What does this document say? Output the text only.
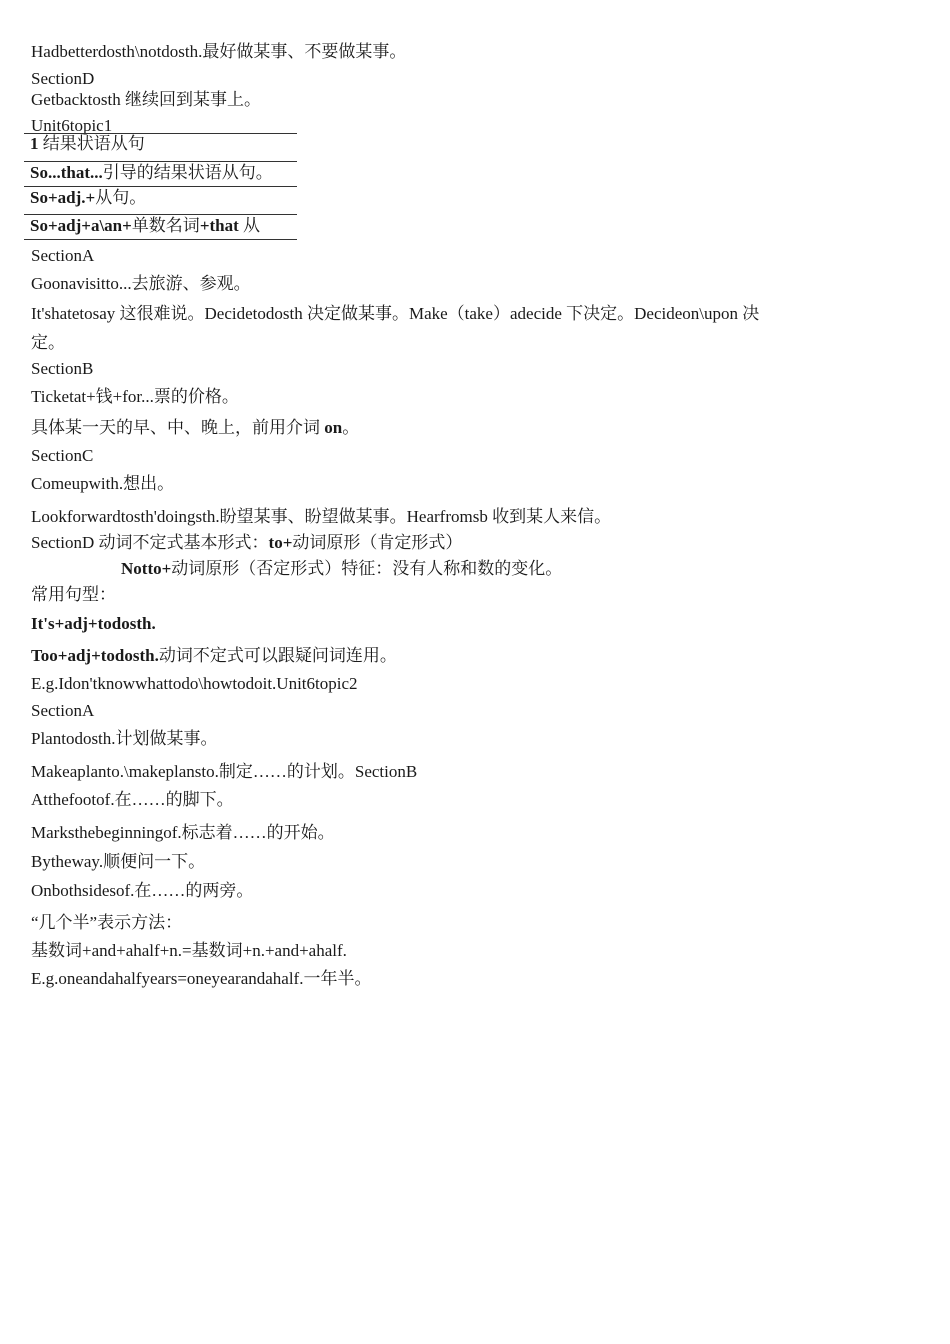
Hadbetterdosth\notdosth.最好做某事、不要做某事。
SectionD
Getbacktosth 继续回到某事上。
Unit6topic1
1 结果状语从句
So...that...引导的结果状语从句。
So+adj.+从句。
So+adj+a\an+单数名词+that 从
SectionA
Goonavisitto...去旅游、参观。
It'shatetosay 这很难说。Decidetodosth 决定做某事。Make（take）adecide 下决定。Decideon\upon 决
定。
SectionB
Ticketat+钱+for...票的价格。
具体某一天的早、中、晚上，前用介词 on。
SectionC
Comeupwith.想出。
Lookforwardtosth'doingsth.盼望某事、盼望做某事。Hearfromsb 收到某人来信。
SectionD 动词不定式基本形式：to+动词原形（肯定形式）
Notto+动词原形（否定形式）特征：没有人称和数的变化。
常用句型：
It's+adj+todosth.
Too+adj+todosth.动词不定式可以跟疑问词连用。
E.g.Idon'tknowwhattodo\howtodoit.Unit6topic2
SectionA
Plantodosth.计划做某事。
Makeaplanto.\makeplansto.制定……的计划。SectionB
Atthefootof.在……的脚下。
Marksthebeginningof.标志着……的开始。
Bytheway.顺便问一下。
Onbothsidesof.在……的两旁。
“几个半”表示方法：
基数词+and+ahalf+n.=基数词+n.+and+ahalf.
E.g.oneandahalfyears=oneyearandahalf.一年半。
